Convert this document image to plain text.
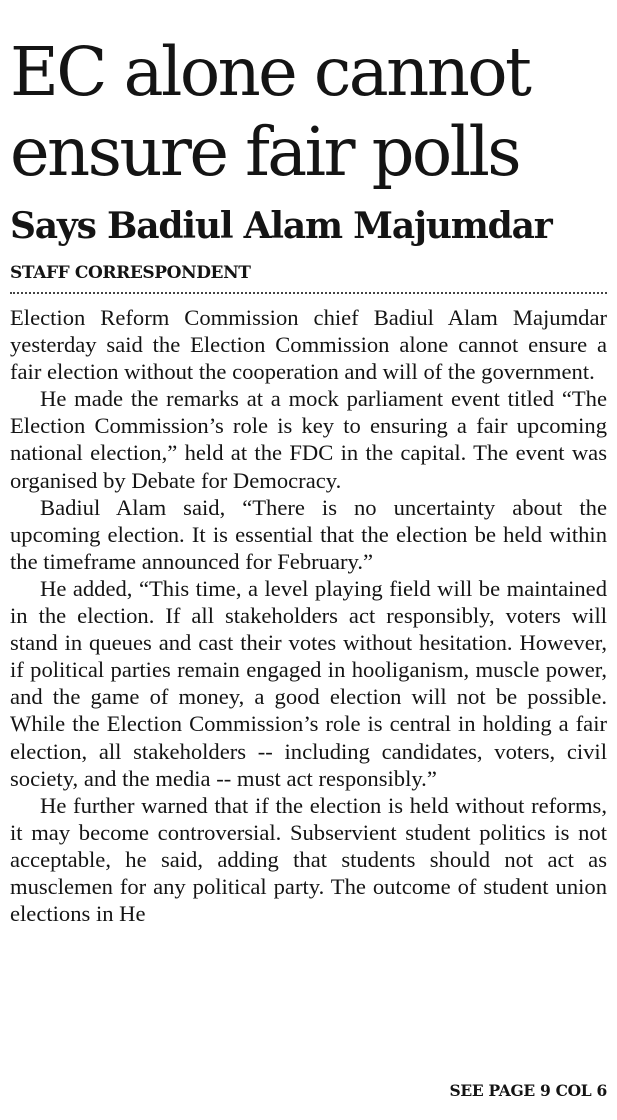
EC alone cannot
ensure fair polls
Says Badiul Alam Majumdar
STAFF CORRESPONDENT

Election Reform Commission chief Badiul Alam Majumdar yesterday said the Election Commission alone cannot ensure a fair election without the cooperation and will of the government.

He made the remarks at a mock parliament event titled “The Election Commission’s role is key to ensuring a fair upcoming national election,” held at the FDC in the capital. The event was organised by Debate for Democracy.

Badiul Alam said, “There is no uncertainty about the upcoming election. It is essential that the election be held within the timeframe announced for February.”

He added, “This time, a level playing field will be maintained in the election. If all stakeholders act responsibly, voters will stand in queues and cast their votes without hesitation. However, if political parties remain engaged in hooliganism, muscle power, and the game of money, a good election will not be possible. While the Election Commission’s role is central in holding a fair election, all stakeholders -- including candidates, voters, civil society, and the media -- must act responsibly.”

He further warned that if the election is held without reforms, it may become controversial. Subservient student politics is not acceptable, he said, adding that students should not act as musclemen for any political party. The outcome of student union elections in He

SEE PAGE 9 COL 6
